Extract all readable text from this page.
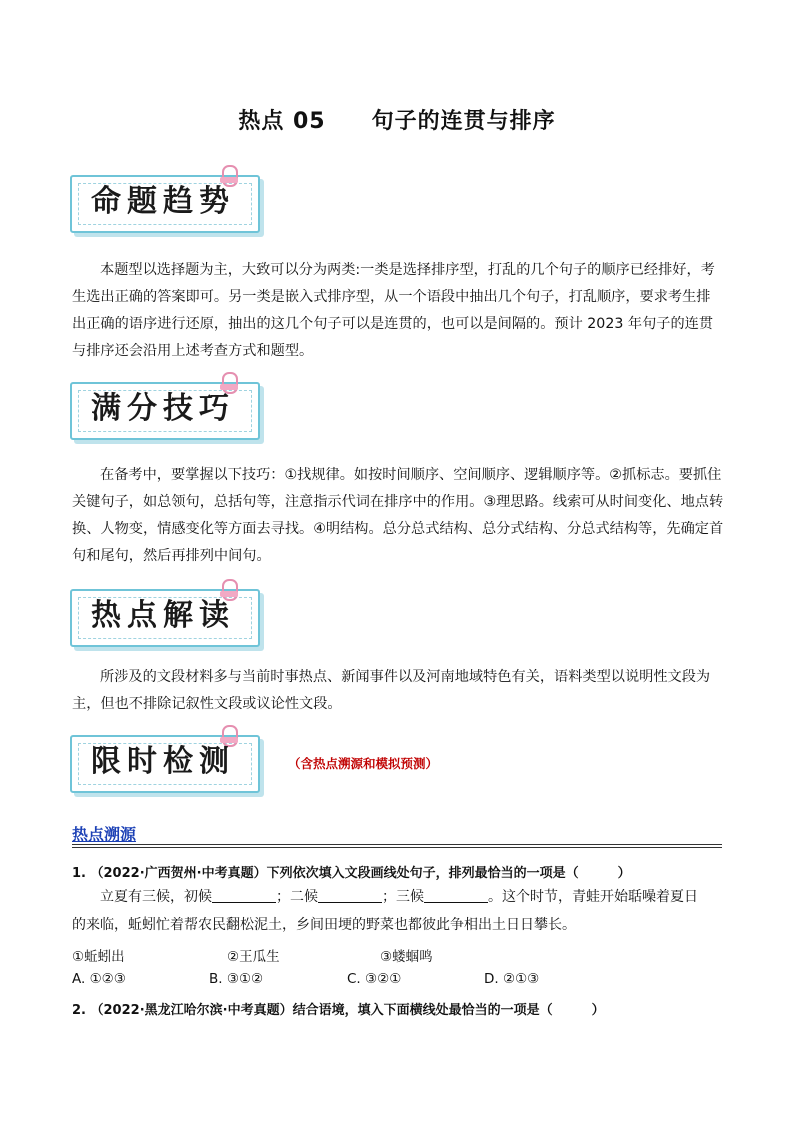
热点 05 句子的连贯与排序
命题趋势

本题型以选择题为主，大致可以分为两类:一类是选择排序型，打乱的几个句子的顺序已经排好，考生选出正确的答案即可。另一类是嵌入式排序型，从一个语段中抽出几个句子，打乱顺序，要求考生排出正确的语序进行还原，抽出的这几个句子可以是连贯的，也可以是间隔的。预计 2023 年句子的连贯与排序还会沿用上述考查方式和题型。

满分技巧

在备考中，要掌握以下技巧：①找规律。如按时间顺序、空间顺序、逻辑顺序等。②抓标志。要抓住关键句子，如总领句，总括句等，注意指示代词在排序中的作用。③理思路。线索可从时间变化、地点转换、人物变，情感变化等方面去寻找。④明结构。总分总式结构、总分式结构、分总式结构等，先确定首句和尾句，然后再排列中间句。

热点解读

所涉及的文段材料多与当前时事热点、新闻事件以及河南地域特色有关，语料类型以说明性文段为主，但也不排除记叙性文段或议论性文段。

限时检测	（含热点溯源和模拟预测）
热点溯源
1. （2022·广西贺州·中考真题）下列依次填入文段画线处句子，排列最恰当的一项是（　　　）
立夏有三候，初候	；二候	；三候	。这个时节，青蛙开始聒噪着夏日
的来临，蚯蚓忙着帮农民翻松泥土，乡间田埂的野菜也都彼此争相出土日日攀长。
①蚯蚓出	②王瓜生	③蝼蝈鸣
A. ①②③	B. ③①②	C. ③②①	D. ②①③
2. （2022·黑龙江哈尔滨·中考真题）结合语境，填入下面横线处最恰当的一项是（　　　）
